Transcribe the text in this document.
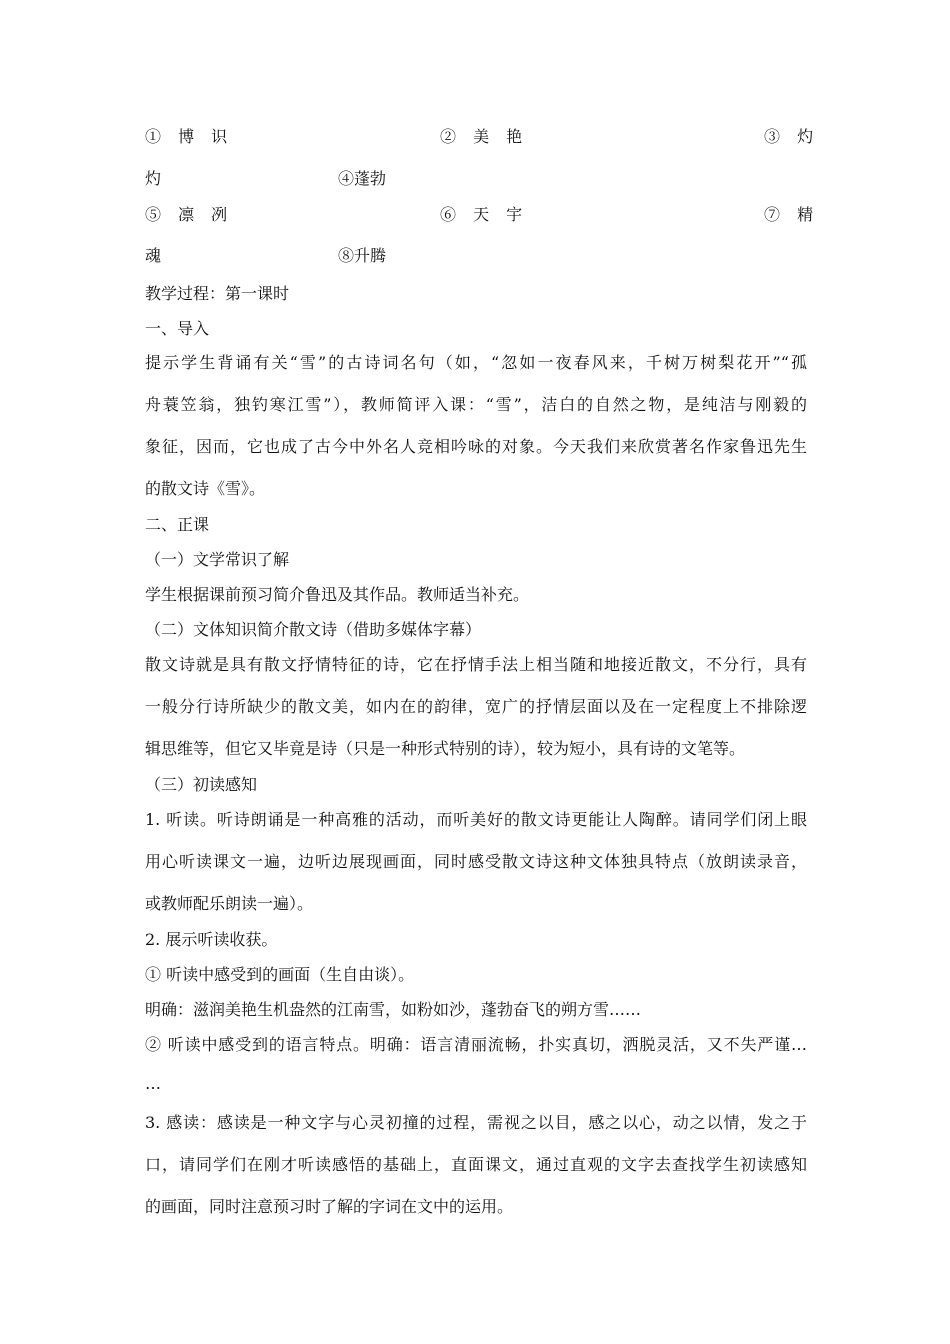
① 博 识	② 美 艳	③ 灼
灼	④蓬勃
⑤ 凛 冽	⑥ 天 宇	⑦ 精
魂	⑧升腾
教学过程：第一课时
一、导入
提示学生背诵有关“雪”的古诗词名句（如，“忽如一夜春风来，千树万树梨花开”“孤
舟蓑笠翁，独钓寒江雪”），教师简评入课：“雪”，洁白的自然之物，是纯洁与刚毅的
象征，因而，它也成了古今中外名人竞相吟咏的对象。今天我们来欣赏著名作家鲁迅先生
的散文诗《雪》。
二、正课
（一）文学常识了解
学生根据课前预习简介鲁迅及其作品。教师适当补充。
（二）文体知识简介散文诗（借助多媒体字幕）
散文诗就是具有散文抒情特征的诗，它在抒情手法上相当随和地接近散文，不分行，具有
一般分行诗所缺少的散文美，如内在的韵律，宽广的抒情层面以及在一定程度上不排除逻
辑思维等，但它又毕竟是诗（只是一种形式特别的诗），较为短小，具有诗的文笔等。
（三）初读感知
1. 听读。听诗朗诵是一种高雅的活动，而听美好的散文诗更能让人陶醉。请同学们闭上眼
用心听读课文一遍，边听边展现画面，同时感受散文诗这种文体独具特点（放朗读录音，
或教师配乐朗读一遍）。
2. 展示听读收获。
① 听读中感受到的画面（生自由谈）。
明确：滋润美艳生机盎然的江南雪，如粉如沙，蓬勃奋飞的朔方雪……
② 听读中感受到的语言特点。明确：语言清丽流畅，扑实真切，洒脱灵活，又不失严谨…
…
3. 感读：感读是一种文字与心灵初撞的过程，需视之以目，感之以心，动之以情，发之于
口，请同学们在刚才听读感悟的基础上，直面课文，通过直观的文字去查找学生初读感知
的画面，同时注意预习时了解的字词在文中的运用。
